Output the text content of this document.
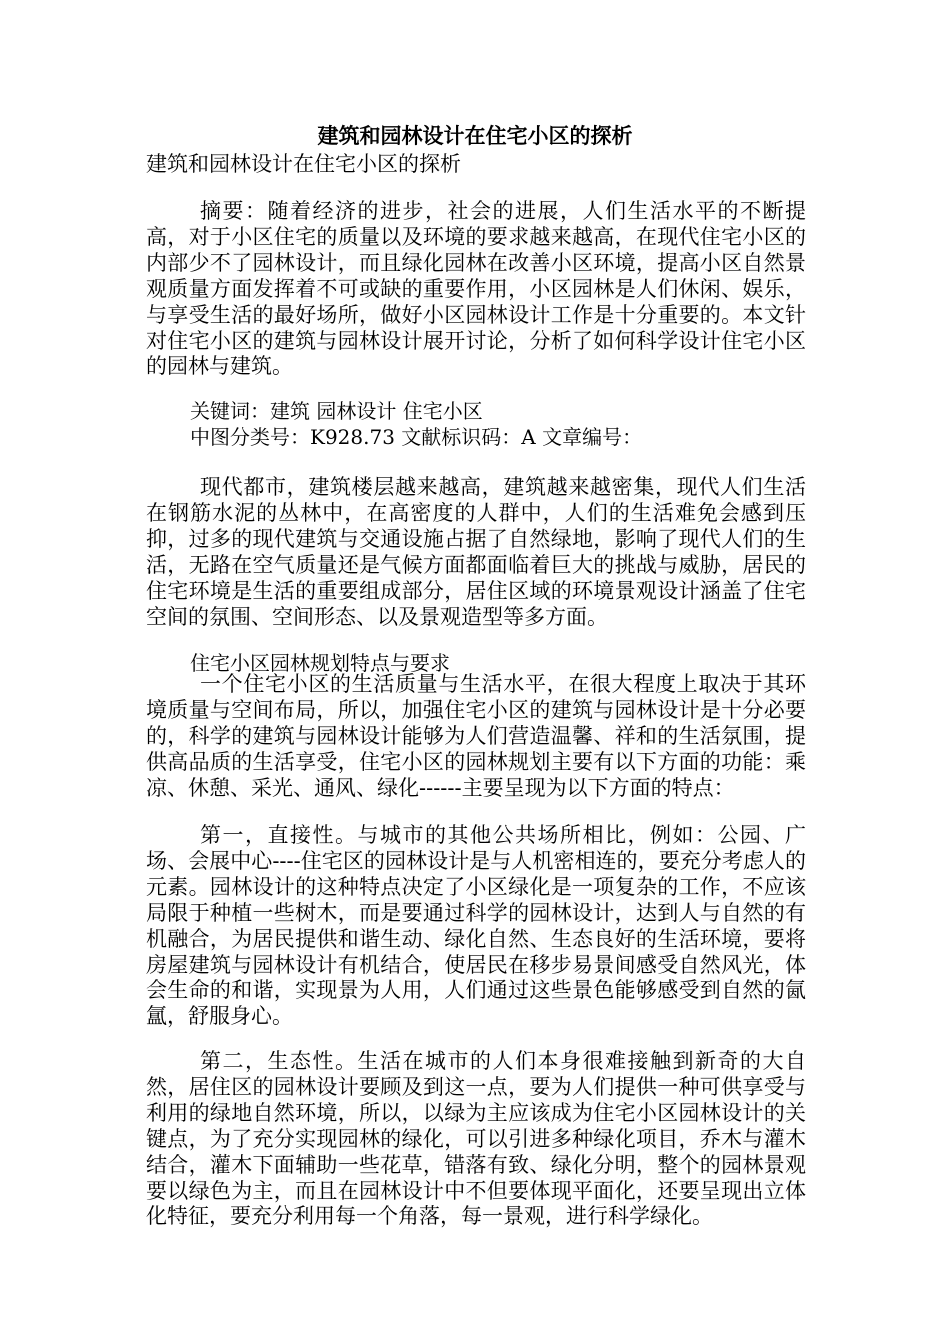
建筑和园林设计在住宅小区的探析

建筑和园林设计在住宅小区的探析

摘要：随着经济的进步，社会的进展，人们生活水平的不断提高，对于小区住宅的质量以及环境的要求越来越高，在现代住宅小区的内部少不了园林设计，而且绿化园林在改善小区环境，提高小区自然景观质量方面发挥着不可或缺的重要作用，小区园林是人们休闲、娱乐，与享受生活的最好场所，做好小区园林设计工作是十分重要的。本文针对住宅小区的建筑与园林设计展开讨论，分析了如何科学设计住宅小区的园林与建筑。

关键词：建筑 园林设计 住宅小区

中图分类号：K928.73 文献标识码：A 文章编号：

现代都市，建筑楼层越来越高，建筑越来越密集，现代人们生活在钢筋水泥的丛林中，在高密度的人群中，人们的生活难免会感到压抑，过多的现代建筑与交通设施占据了自然绿地，影响了现代人们的生活，无路在空气质量还是气候方面都面临着巨大的挑战与威胁，居民的住宅环境是生活的重要组成部分，居住区域的环境景观设计涵盖了住宅空间的氛围、空间形态、以及景观造型等多方面。

住宅小区园林规划特点与要求

一个住宅小区的生活质量与生活水平，在很大程度上取决于其环境质量与空间布局，所以，加强住宅小区的建筑与园林设计是十分必要的，科学的建筑与园林设计能够为人们营造温馨、祥和的生活氛围，提供高品质的生活享受，住宅小区的园林规划主要有以下方面的功能：乘凉、休憩、采光、通风、绿化------主要呈现为以下方面的特点：

第一，直接性。与城市的其他公共场所相比，例如：公园、广场、会展中心----住宅区的园林设计是与人机密相连的，要充分考虑人的元素。园林设计的这种特点决定了小区绿化是一项复杂的工作，不应该局限于种植一些树木，而是要通过科学的园林设计，达到人与自然的有机融合，为居民提供和谐生动、绿化自然、生态良好的生活环境，要将房屋建筑与园林设计有机结合，使居民在移步易景间感受自然风光，体会生命的和谐，实现景为人用，人们通过这些景色能够感受到自然的氤氲，舒服身心。

第二，生态性。生活在城市的人们本身很难接触到新奇的大自然，居住区的园林设计要顾及到这一点，要为人们提供一种可供享受与利用的绿地自然环境，所以，以绿为主应该成为住宅小区园林设计的关键点，为了充分实现园林的绿化，可以引进多种绿化项目，乔木与灌木结合，灌木下面辅助一些花草，错落有致、绿化分明，整个的园林景观要以绿色为主，而且在园林设计中不但要体现平面化，还要呈现出立体化特征，要充分利用每一个角落，每一景观，进行科学绿化。
